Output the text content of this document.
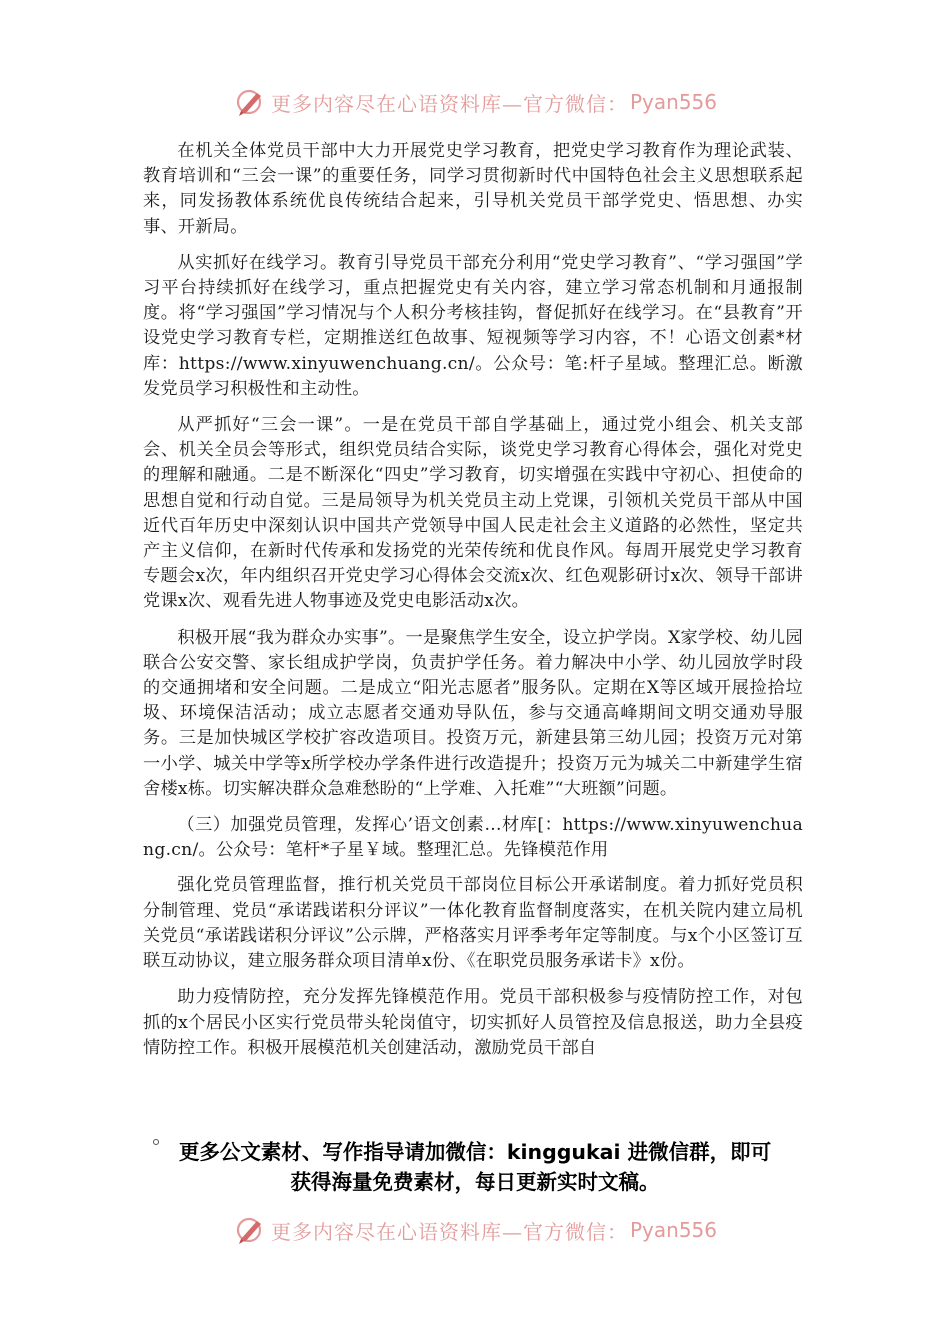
更多内容尽在心语资料库—官方微信： Pyan556

在机关全体党员干部中大力开展党史学习教育，把党史学习教育作为理论武装、教育培训和“三会一课”的重要任务，同学习贯彻新时代中国特色社会主义思想联系起来，同发扬教体系统优良传统结合起来，引导机关党员干部学党史、悟思想、办实事、开新局。

从实抓好在线学习。教育引导党员干部充分利用“党史学习教育”、“学习强国”学习平台持续抓好在线学习，重点把握党史有关内容，建立学习常态机制和月通报制度。将“学习强国”学习情况与个人积分考核挂钩，督促抓好在线学习。在“县教育”开设党史学习教育专栏，定期推送红色故事、短视频等学习内容，不！心语文创素*材库：https://www.xinyuwenchuang.cn/。公众号：笔:杆子星域。整理汇总。断激发党员学习积极性和主动性。

从严抓好“三会一课”。一是在党员干部自学基础上，通过党小组会、机关支部会、机关全员会等形式，组织党员结合实际，谈党史学习教育心得体会，强化对党史的理解和融通。二是不断深化“四史”学习教育，切实增强在实践中守初心、担使命的思想自觉和行动自觉。三是局领导为机关党员主动上党课，引领机关党员干部从中国近代百年历史中深刻认识中国共产党领导中国人民走社会主义道路的必然性，坚定共产主义信仰，在新时代传承和发扬党的光荣传统和优良作风。每周开展党史学习教育专题会x次，年内组织召开党史学习心得体会交流x次、红色观影研讨x次、领导干部讲党课x次、观看先进人物事迹及党史电影活动x次。

积极开展“我为群众办实事”。一是聚焦学生安全，设立护学岗。X家学校、幼儿园联合公安交警、家长组成护学岗，负责护学任务。着力解决中小学、幼儿园放学时段的交通拥堵和安全问题。二是成立“阳光志愿者”服务队。定期在X等区域开展捡拾垃圾、环境保洁活动；成立志愿者交通劝导队伍，参与交通高峰期间文明交通劝导服务。三是加快城区学校扩容改造项目。投资万元，新建县第三幼儿园；投资万元对第一小学、城关中学等x所学校办学条件进行改造提升；投资万元为城关二中新建学生宿舍楼x栋。切实解决群众急难愁盼的“上学难、入托难”“大班额”问题。

（三）加强党员管理，发挥心’语文创素…材库[：https://www.xinyuwenchuang.cn/。公众号：笔杆*子星￥域。整理汇总。先锋模范作用

强化党员管理监督，推行机关党员干部岗位目标公开承诺制度。着力抓好党员积分制管理、党员“承诺践诺积分评议”一体化教育监督制度落实，在机关院内建立局机关党员“承诺践诺积分评议”公示牌，严格落实月评季考年定等制度。与x个小区签订互联互动协议，建立服务群众项目清单x份、《在职党员服务承诺卡》x份。

助力疫情防控，充分发挥先锋模范作用。党员干部积极参与疫情防控工作，对包抓的x个居民小区实行党员带头轮岗值守，切实抓好人员管控及信息报送，助力全县疫情防控工作。积极开展模范机关创建活动，激励党员干部自

更多公文素材、写作指导请加微信：kinggukai 进微信群，即可
获得海量免费素材，每日更新实时文稿。
更多内容尽在心语资料库—官方微信： Pyan556
